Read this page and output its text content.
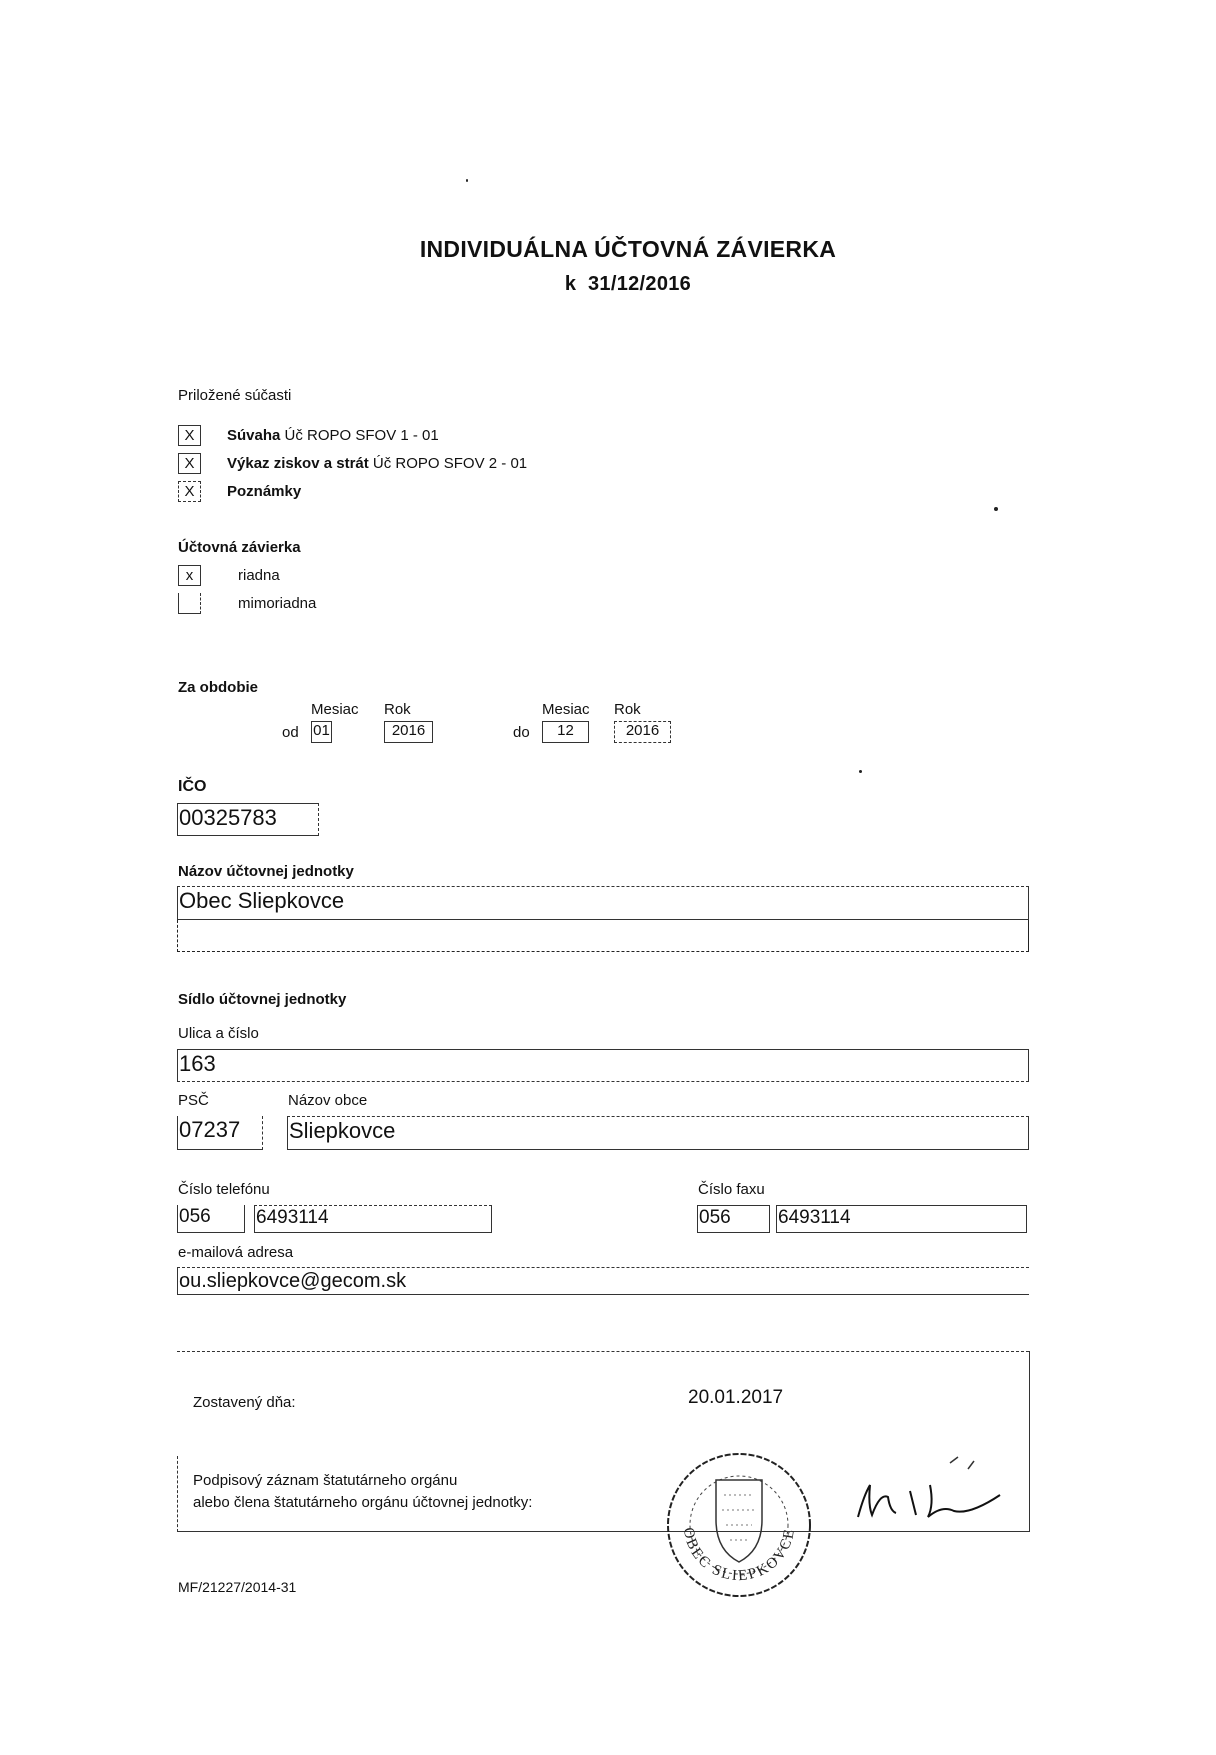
INDIVIDUÁLNA ÚČTOVNÁ ZÁVIERKA
k  31/12/2016
Priložené súčasti
X	Súvaha Úč ROPO SFOV 1 - 01
X	Výkaz ziskov a strát Úč ROPO SFOV 2 - 01
X	Poznámky
Účtovná závierka
x	riadna
mimoriadna
Za obdobie
Mesiac Rok	Mesiac Rok
od 01	2016	do	12	2016
IČO
00325783
Názov účtovnej jednotky
Obec Sliepkovce
Sídlo účtovnej jednotky
Ulica a číslo
163
PSČ	Názov obce
07237	Sliepkovce
Číslo telefónu	Číslo faxu
056	6493114	056	6493114
e-mailová adresa
ou.sliepkovce@gecom.sk
Zostavený dňa:	20.01.2017
Podpisový záznam štatutárneho orgánu
alebo člena štatutárneho orgánu účtovnej jednotky:
OBEC SLIEPKOVCE
MF/21227/2014-31
